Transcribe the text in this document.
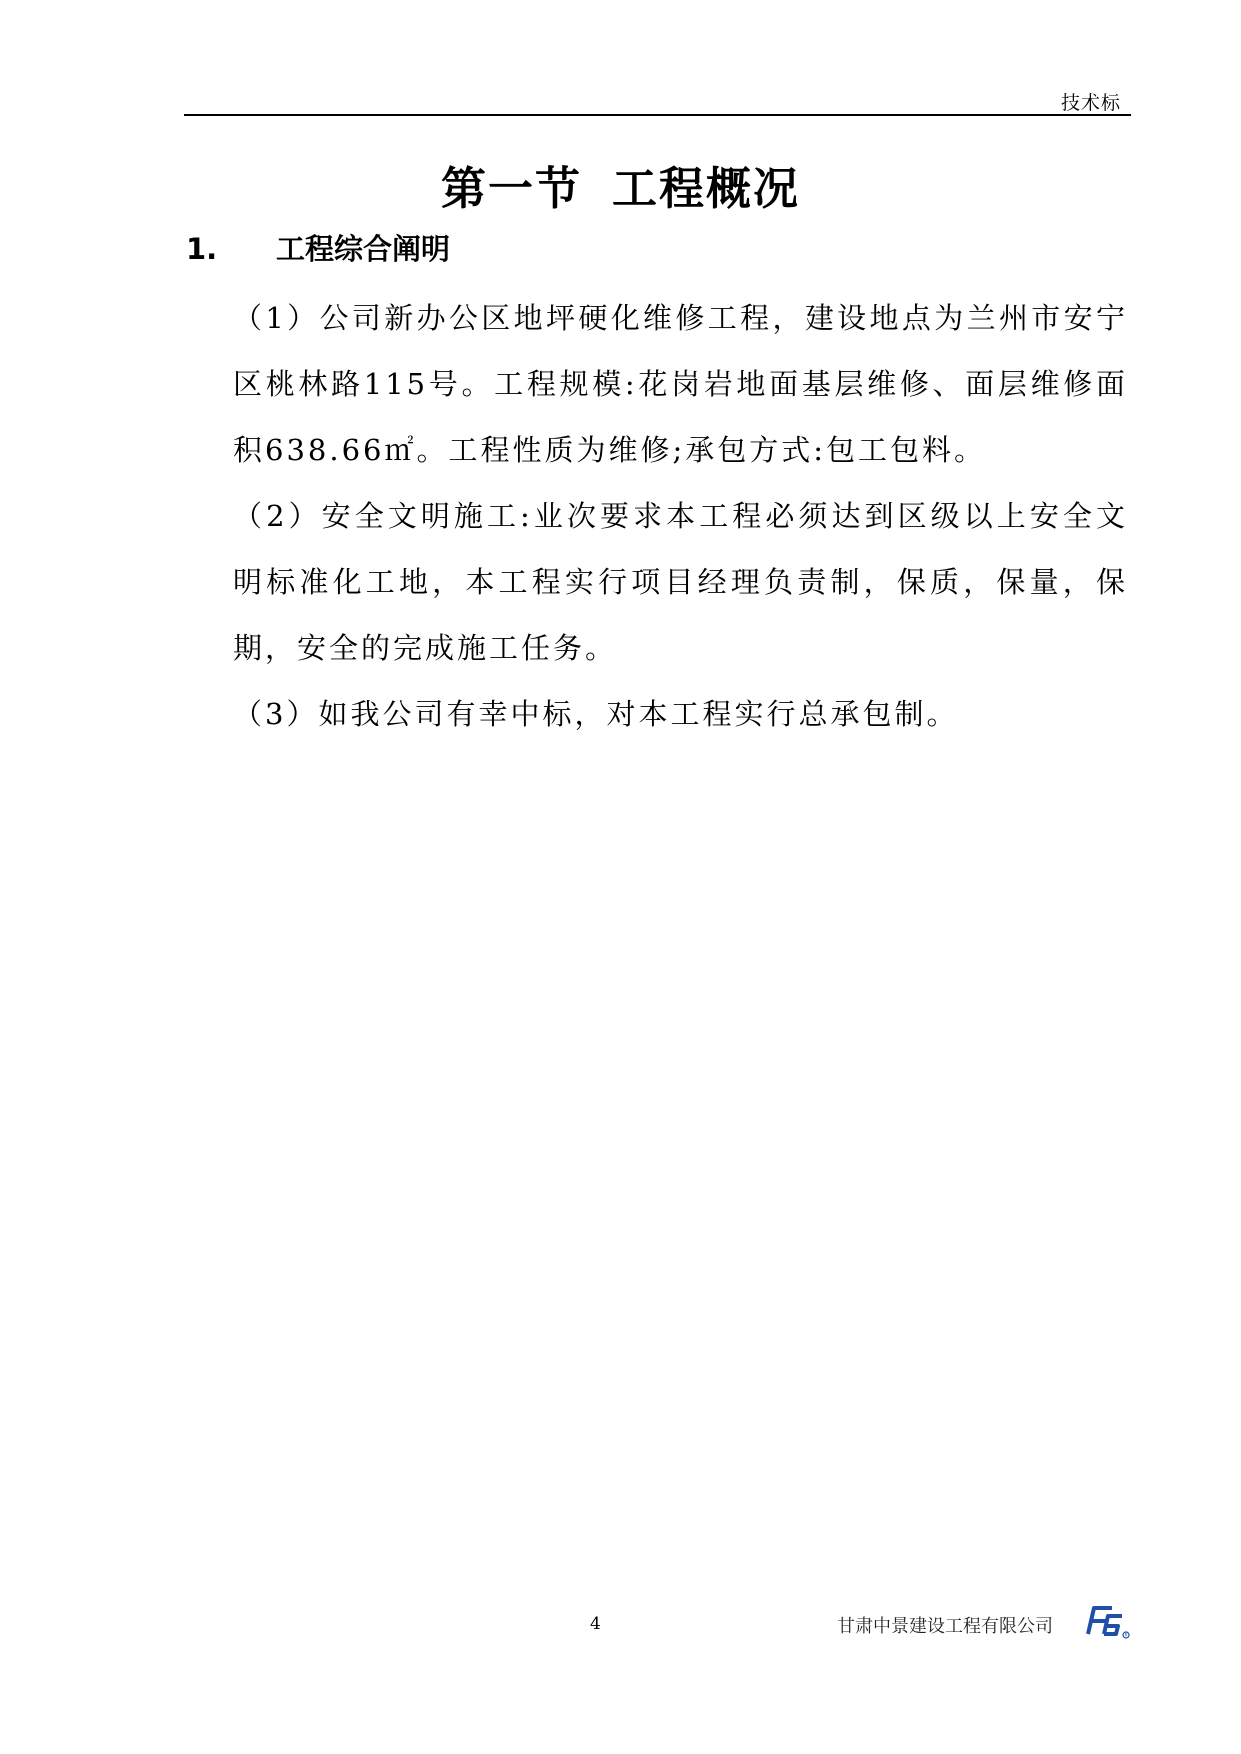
技术标
第一节 工程概况
1. 工程综合阐明

（1）公司新办公区地坪硬化维修工程，建设地点为兰州市安宁区桃林路115号。工程规模:花岗岩地面基层维修、面层维修面积638.66㎡。工程性质为维修;承包方式:包工包料。

（2）安全文明施工:业次要求本工程必须达到区级以上安全文明标准化工地，本工程实行项目经理负责制，保质，保量，保期，安全的完成施工任务。

（3）如我公司有幸中标，对本工程实行总承包制。

4	甘肃中景建设工程有限公司	R
